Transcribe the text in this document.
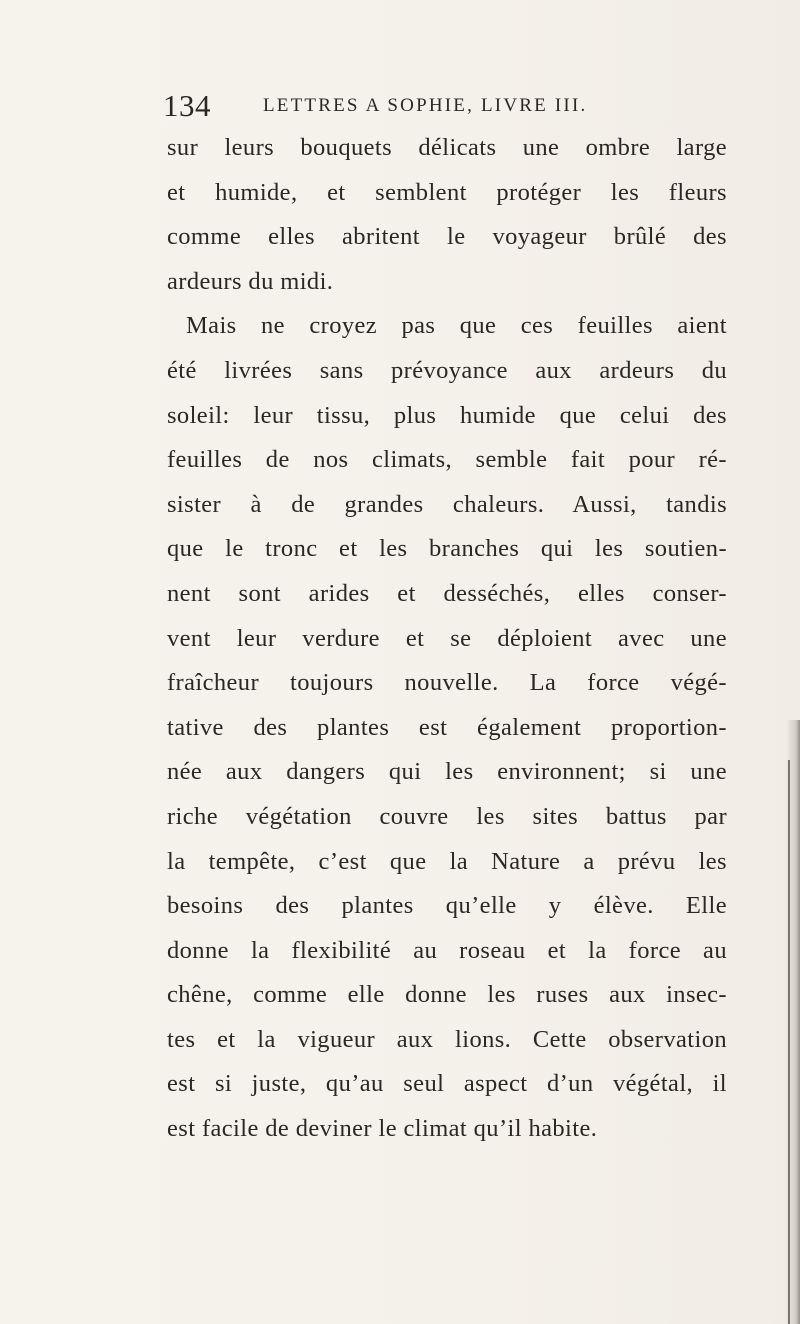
134	LETTRES A SOPHIE, LIVRE III.
sur leurs bouquets délicats une ombre large
et humide, et semblent protéger les fleurs
comme elles abritent le voyageur brûlé des
ardeurs du midi.
Mais ne croyez pas que ces feuilles aient
été livrées sans prévoyance aux ardeurs du
soleil: leur tissu, plus humide que celui des
feuilles de nos climats, semble fait pour ré-
sister à de grandes chaleurs. Aussi, tandis
que le tronc et les branches qui les soutien-
nent sont arides et desséchés, elles conser-
vent leur verdure et se déploient avec une
fraîcheur toujours nouvelle. La force végé-
tative des plantes est également proportion-
née aux dangers qui les environnent; si une
riche végétation couvre les sites battus par
la tempête, c’est que la Nature a prévu les
besoins des plantes qu’elle y élève. Elle
donne la flexibilité au roseau et la force au
chêne, comme elle donne les ruses aux insec-
tes et la vigueur aux lions. Cette observation
est si juste, qu’au seul aspect d’un végétal, il
est facile de deviner le climat qu’il habite.
